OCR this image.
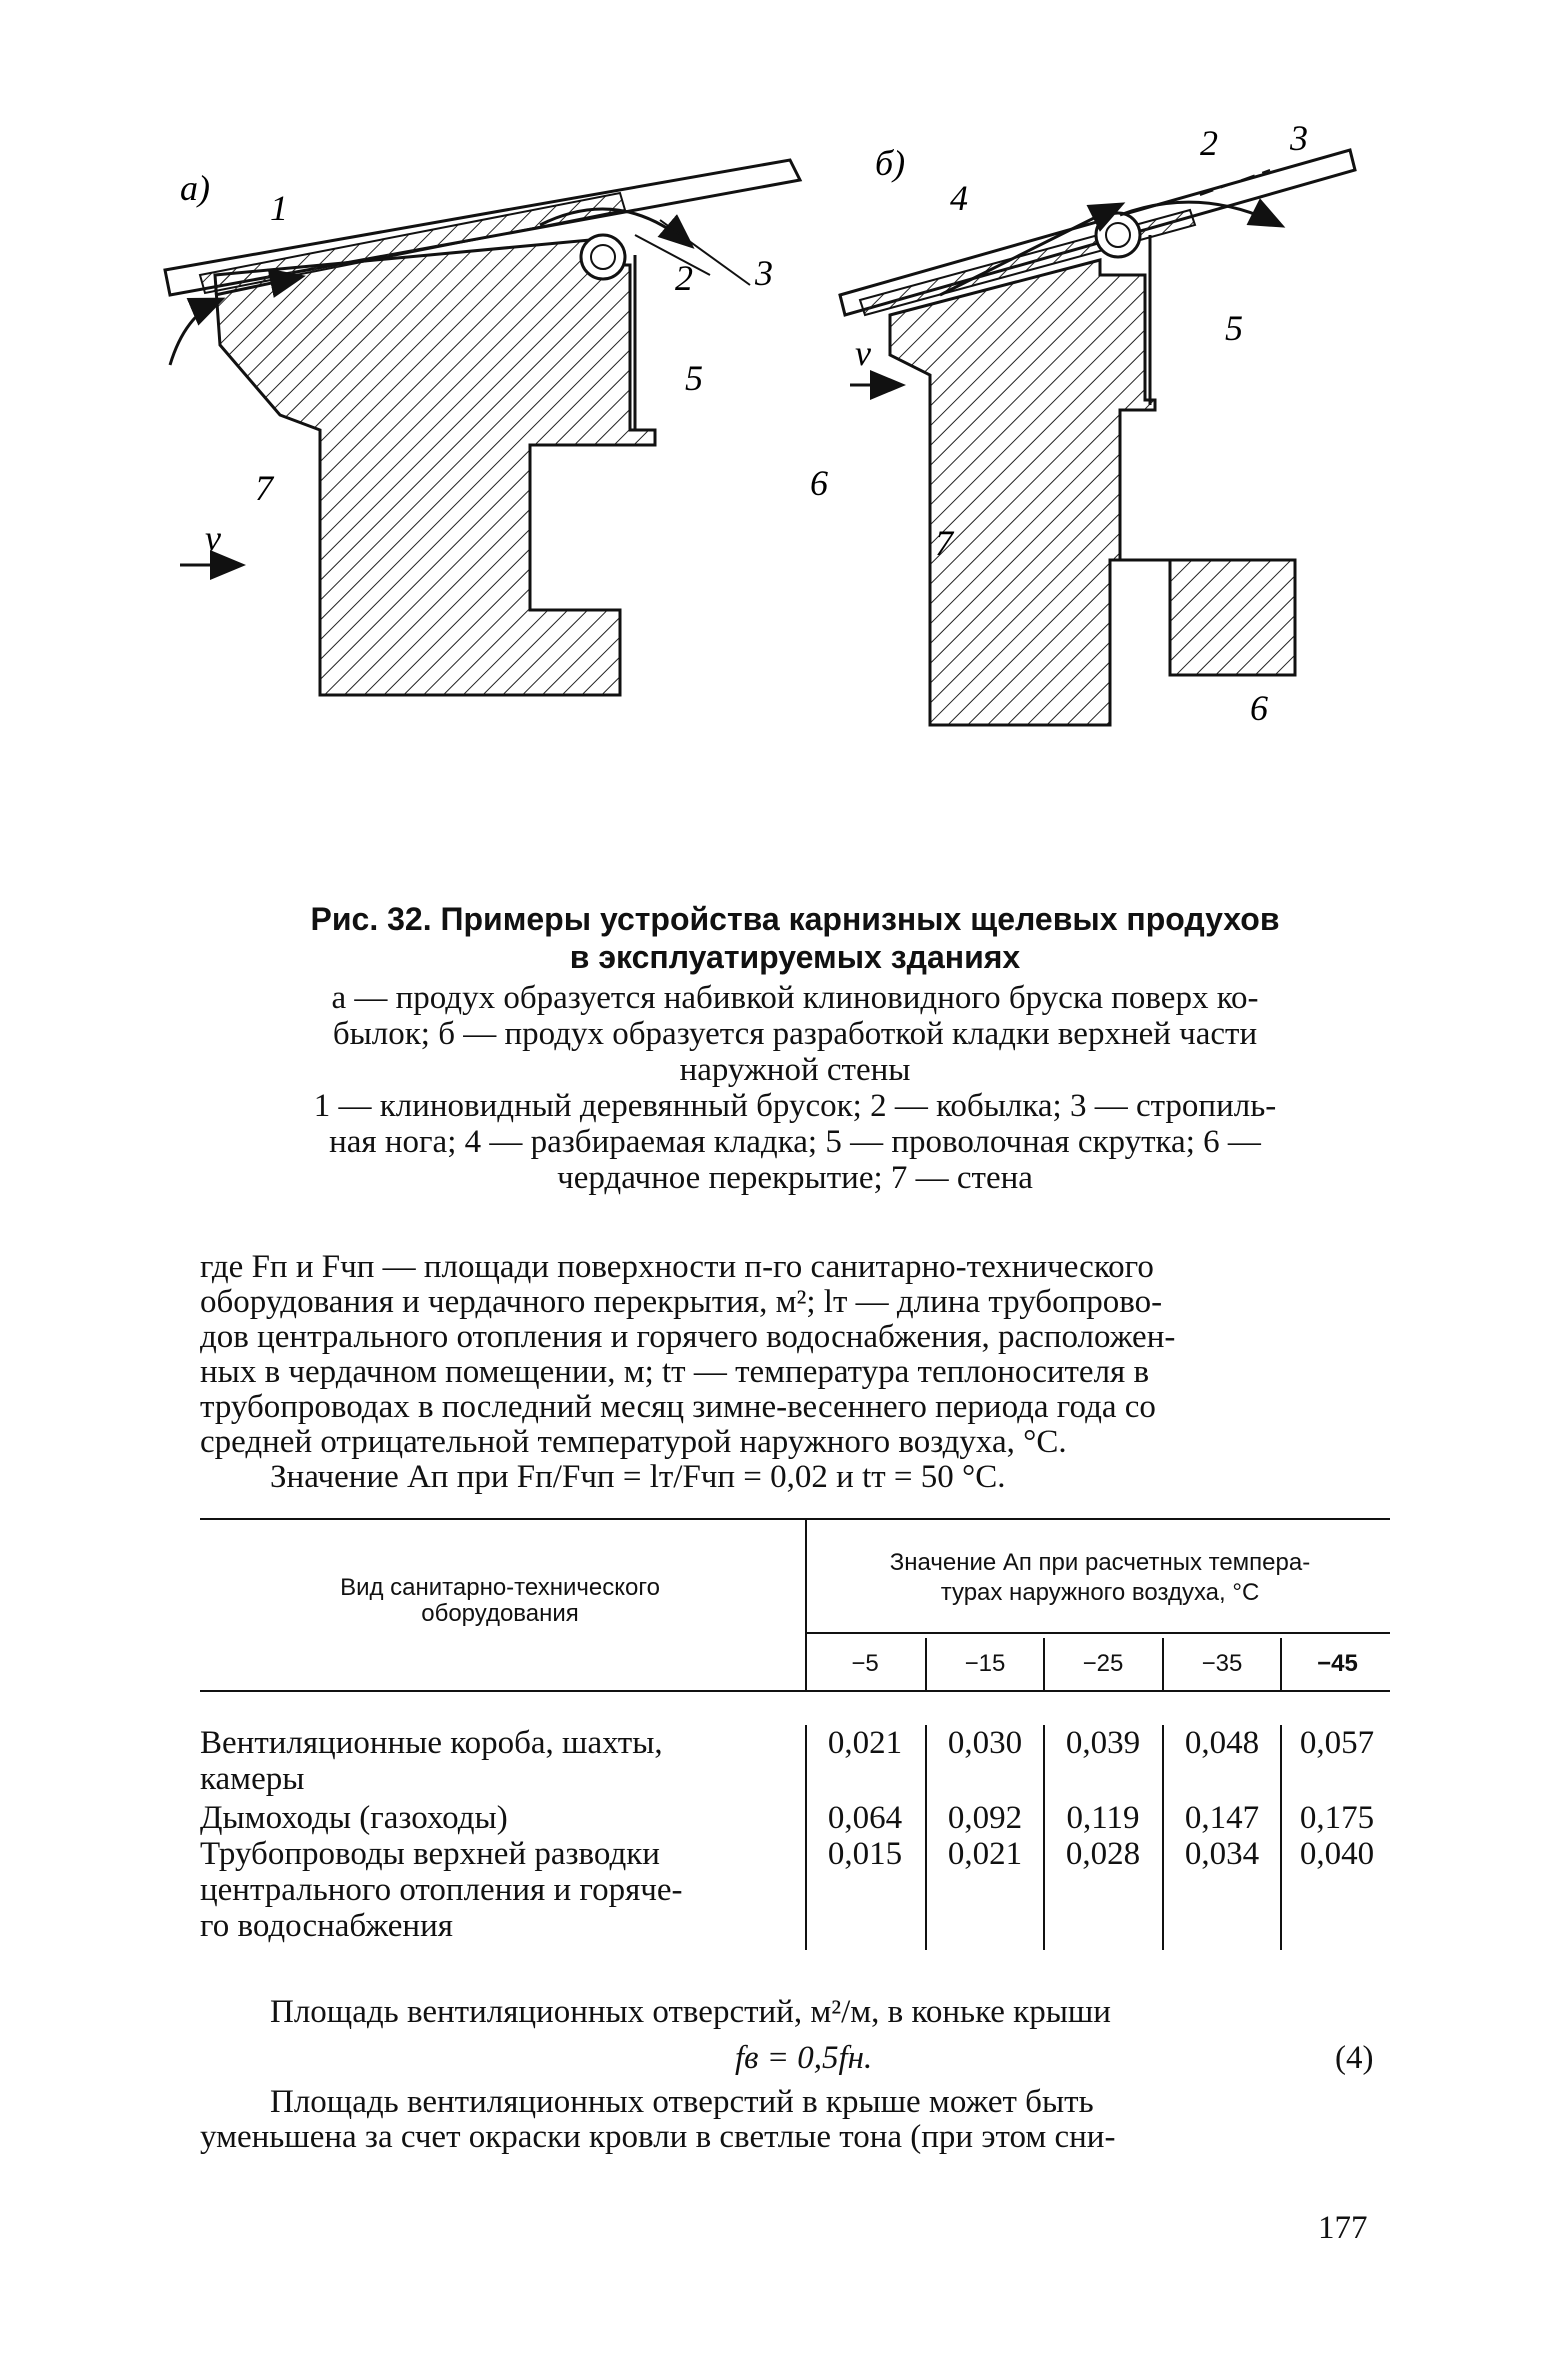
а) 1
2 3
5
7	6
v
б)	2 3
4
5
7
6
v
Рис. 32. Примеры устройства карнизных щелевых продухов
в эксплуатируемых зданиях
а — продух образуется набивкой клиновидного бруска поверх ко-
былок; б — продух образуется разработкой кладки верхней части
наружной стены
1 — клиновидный деревянный брусок; 2 — кобылка; 3 — стропиль-
ная нога; 4 — разбираемая кладка; 5 — проволочная скрутка; 6 —
чердачное перекрытие; 7 — стена

где Fп и Fчп — площади поверхности п-го санитарно-технического

оборудования и чердачного перекрытия, м²; lт — длина трубопрово-

дов центрального отопления и горячего водоснабжения, расположен-

ных в чердачном помещении, м; tт — температура теплоносителя в

трубопроводах в последний месяц зимне-весеннего периода года со

средней отрицательной температурой наружного воздуха, °С.

Значение Aп при Fп/Fчп = lт/Fчп = 0,02 и tт = 50 °С.

Вид санитарно-технического
оборудования
Значение Aп при расчетных темпера-
турах наружного воздуха, °С
−5	−15	−25	−35	−45
Вентиляционные короба, шахты,
камеры
0,021	0,030	0,039	0,048	0,057
Дымоходы (газоходы)	0,064	0,092	0,119	0,147	0,175
Трубопроводы верхней разводки
центрального отопления и горяче-
го водоснабжения
0,015	0,021	0,028	0,034	0,040

Площадь вентиляционных отверстий, м²/м, в коньке крыши

fв = 0,5fн.	(4)

Площадь вентиляционных отверстий в крыше может быть

уменьшена за счет окраски кровли в светлые тона (при этом сни-

177
